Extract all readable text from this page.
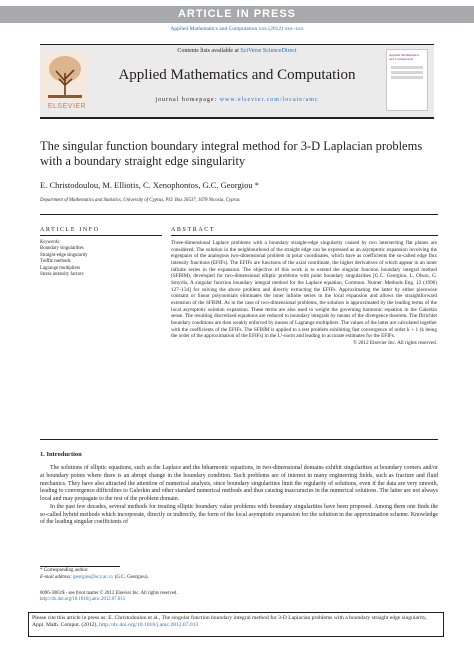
ARTICLE IN PRESS
Applied Mathematics and Computation xxx (2012) xxx–xxx
ELSEVIER
Contents lists available at SciVerse ScienceDirect
Applied Mathematics and Computation
journal homepage: www.elsevier.com/locate/amc
Applied Mathematics and Computation
The singular function boundary integral method for 3-D Laplacian problems with a boundary straight edge singularity
E. Christodoulou, M. Elliotis, C. Xenophontos, G.C. Georgiou *
Department of Mathematics and Statistics, University of Cyprus, P.O. Box 20537, 1678 Nicosia, Cyprus
ARTICLE INFO	ABSTRACT
Keywords:
Boundary singularities
Straight-edge singularity
Trefftz methods
Lagrange multipliers
Stress intensity factors
Three-dimensional Laplace problems with a boundary straight-edge singularity caused by two intersecting flat planes are considered. The solution in the neighbourhood of the straight edge can be expressed as an asymptotic expansion involving the eigenpairs of the analogous two-dimensional problem in polar coordinates, which have as coefficients the so-called edge flux intensity functions (EFIFs). The EFIFs are functions of the axial coordinate, the higher derivatives of which appear in an inner infinite series in the expansion. The objective of this work is to extend the singular function boundary integral method (SFBIM), developed for two-dimensional elliptic problems with point boundary singularities [G.C. Georgiou, L. Olson, G. Smyrlis, A singular function boundary integral method for the Laplace equation, Commun. Numer. Methods Eng. 12 (1996) 127–134] for solving the above problem and directly extracting the EFIFs. Approximating the latter by either piecewise constant or linear polynomials eliminates the inner infinite series in the local expansion and allows the straightforward extension of the SFBIM. As in the case of two-dimensional problems, the solution is approximated by the leading terms of the local asymptotic solution expansion. These terms are also used to weight the governing harmonic equation in the Galerkin sense. The resulting discretized equations are reduced to boundary integrals by means of the divergence theorem. The Dirichlet boundary conditions are then weakly enforced by means of Lagrange multipliers. The values of the latter are calculated together with the coefficients of the EFIFs. The SFBIM is applied to a test problem exhibiting fast convergence of order k + 1 (k being the order of the approximation of the EFIFs) in the L²-norm and leading to accurate estimates for the EFIFs.
© 2012 Elsevier Inc. All rights reserved.
1. Introduction

The solutions of elliptic equations, such as the Laplace and the biharmonic equations, in two-dimensional domains exhibit singularities at boundary corners and/or at boundary points where there is an abrupt change in the boundary condition. Such problems are of interest in many engineering fields, such as fracture and fluid mechanics. They have also attracted the attention of numerical analysts, since boundary singularities limit the regularity of solutions, even if the data are very smooth, leading to convergence difficulties to Galerkin and other standard numerical methods and thus causing inaccuracies in the numerical solutions. The latter are not always local and may propagate to the rest of the problem domain.

In the past few decades, several methods for treating elliptic boundary value problems with boundary singularities have been proposed. Among them one finds the so-called hybrid methods which incorporate, directly or indirectly, the form of the local asymptotic expansion for the solution in the approximation scheme. Knowledge of the leading singular coefficients of

* Corresponding author.
E-mail address: georgios@ucy.ac.cy (G.C. Georgiou).
0096-3003/$ - see front matter © 2012 Elsevier Inc. All rights reserved.
http://dx.doi.org/10.1016/j.amc.2012.07.013
Please cite this article in press as: E. Christodoulou et al., The singular function boundary integral method for 3-D Laplacian problems with a boundary straight edge singularity, Appl. Math. Comput. (2012), http://dx.doi.org/10.1016/j.amc.2012.07.013
